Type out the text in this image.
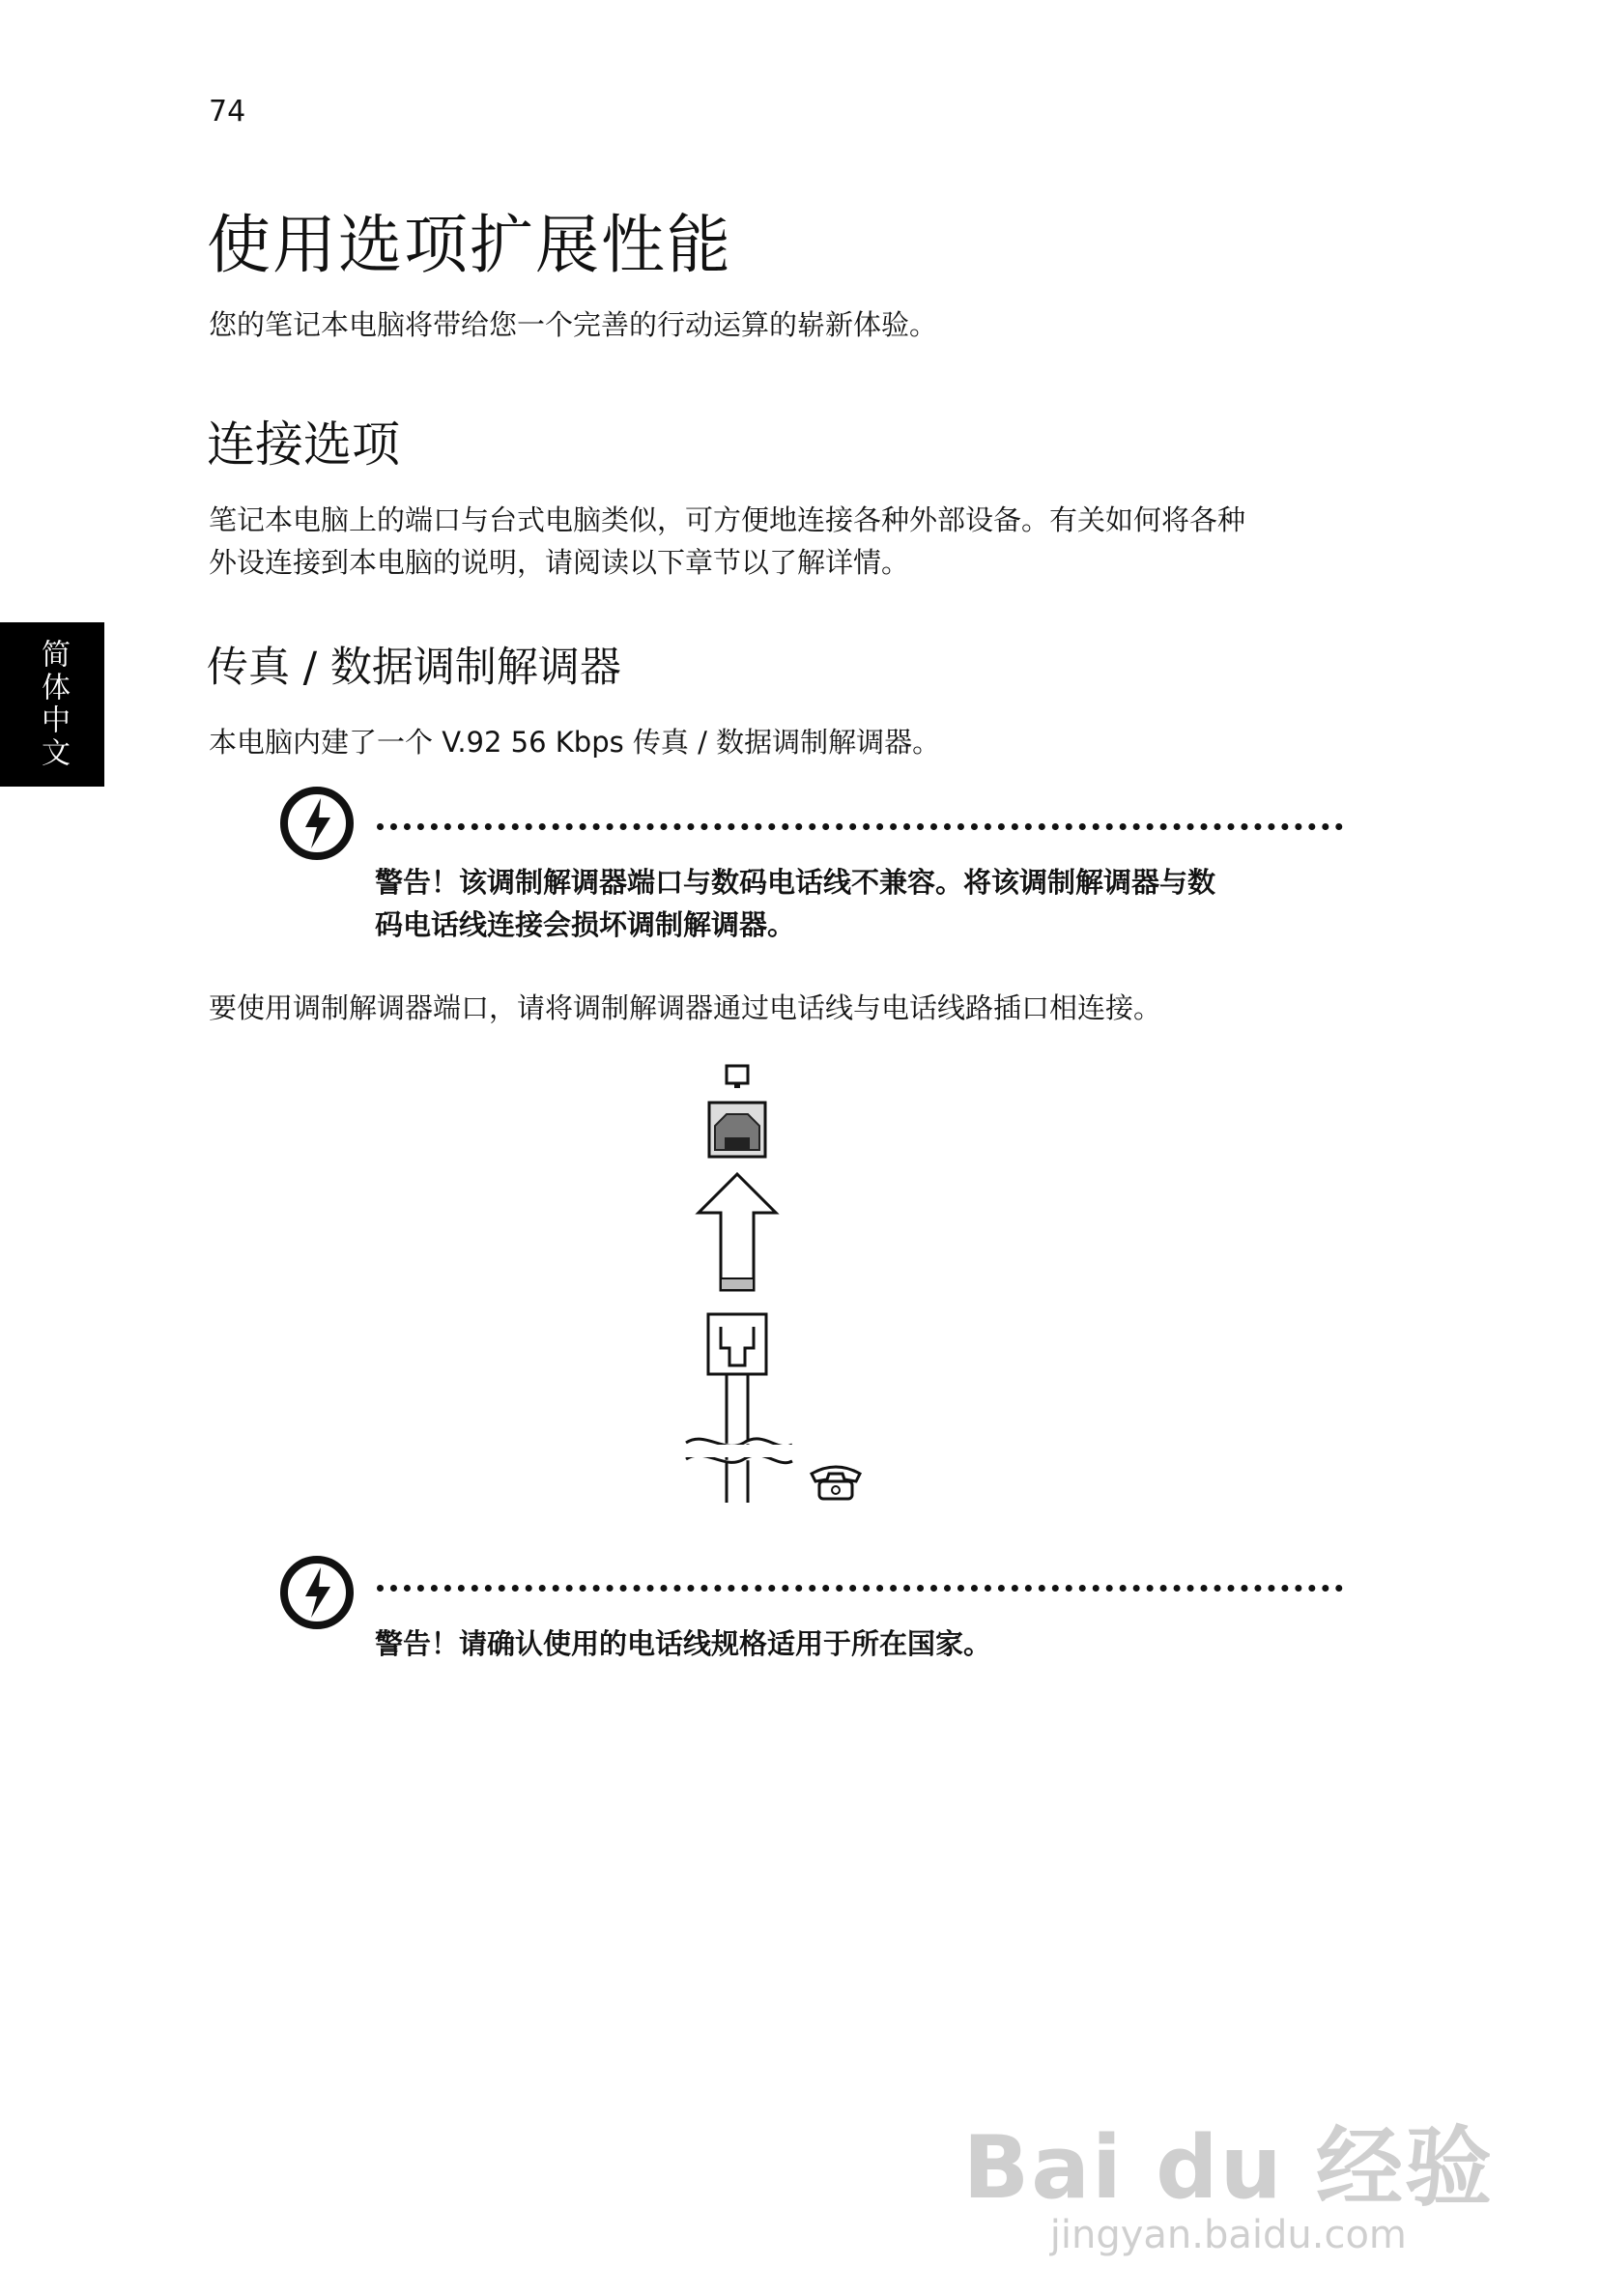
74
使用选项扩展性能

您的笔记本电脑将带给您一个完善的行动运算的崭新体验。

连接选项

笔记本电脑上的端口与台式电脑类似，可方便地连接各种外部设备。有关如何将各种

外设连接到本电脑的说明，请阅读以下章节以了解详情。

简体中文	传真 / 数据调制解调器

本电脑内建了一个 V.92 56 Kbps 传真 / 数据调制解调器。

警告！该调制解调器端口与数码电话线不兼容。将该调制解调器与数

码电话线连接会损坏调制解调器。

要使用调制解调器端口，请将调制解调器通过电话线与电话线路插口相连接。

警告！请确认使用的电话线规格适用于所在国家。

Bai du 经验
jingyan.baidu.com
